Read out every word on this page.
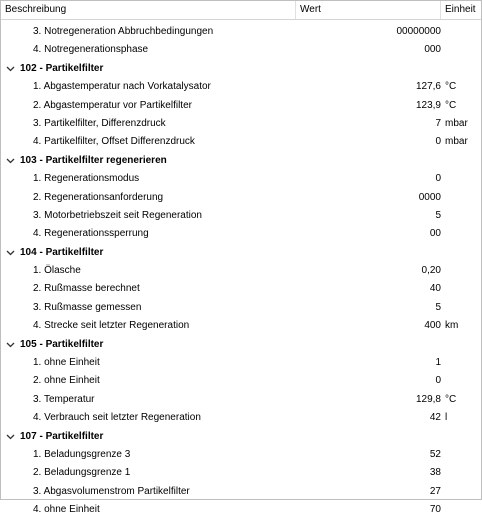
Beschreibung	Wert	Einheit
3. Notregeneration Abbruchbedingungen	00000000
4. Notregenerationsphase	000
102 - Partikelfilter
1. Abgastemperatur nach Vorkatalysator	127,6 °C
2. Abgastemperatur vor Partikelfilter	123,9 °C
3. Partikelfilter, Differenzdruck	7 mbar
4. Partikelfilter, Offset Differenzdruck	0 mbar
103 - Partikelfilter regenerieren
1. Regenerationsmodus	0
2. Regenerationsanforderung	0000
3. Motorbetriebszeit seit Regeneration	5
4. Regenerationssperrung	00
104 - Partikelfilter
1. Ölasche	0,20
2. Rußmasse berechnet	40
3. Rußmasse gemessen	5
4. Strecke seit letzter Regeneration	400 km
105 - Partikelfilter
1. ohne Einheit	1
2. ohne Einheit	0
3. Temperatur	129,8 °C
4. Verbrauch seit letzter Regeneration	42 l
107 - Partikelfilter
1. Beladungsgrenze 3	52
2. Beladungsgrenze 1	38
3. Abgasvolumenstrom Partikelfilter	27
4. ohne Einheit	70
